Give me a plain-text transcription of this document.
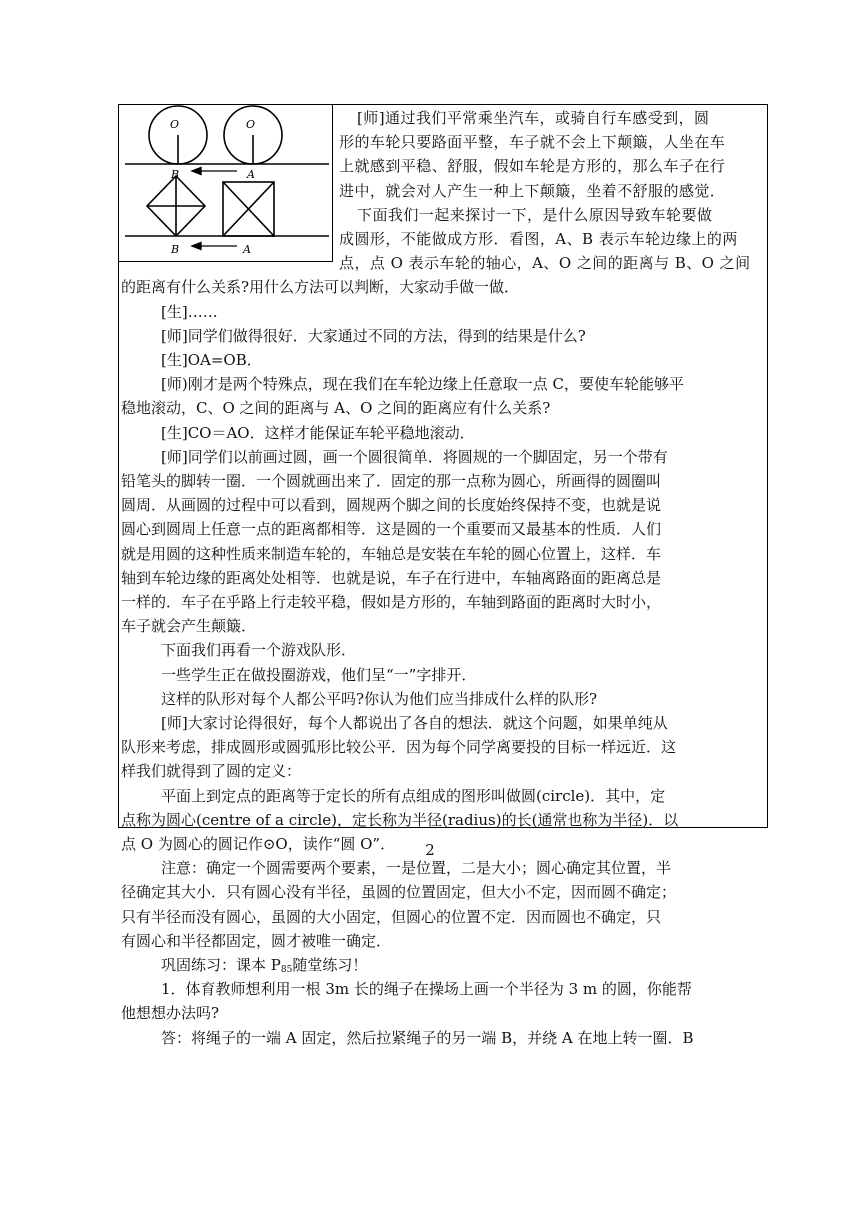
O	O
B	A
B	A
[师]通过我们平常乘坐汽车，或骑自行车感受到，圆
形的车轮只要路面平整，车子就不会上下颠簸，人坐在车
上就感到平稳、舒服，假如车轮是方形的，那么车子在行
进中，就会对人产生一种上下颠簸，坐着不舒服的感觉．
下面我们一起来探讨一下，是什么原因导致车轮要做
成圆形，不能做成方形．看图，A、B 表示车轮边缘上的两
点，点 O 表示车轮的轴心，A、O 之间的距离与 B、O 之间
的距离有什么关系?用什么方法可以判断，大家动手做一做．
[生]……
[师]同学们做得很好．大家通过不同的方法，得到的结果是什么?
[生]OA=OB．
[师)刚才是两个特殊点，现在我们在车轮边缘上任意取一点 C，要使车轮能够平
稳地滚动，C、O 之间的距离与 A、O 之间的距离应有什么关系?
[生]CO＝AO．这样才能保证车轮平稳地滚动．
[师]同学们以前画过圆，画一个圆很简单．将圆规的一个脚固定，另一个带有
铅笔头的脚转一圈．一个圆就画出来了．固定的那一点称为圆心，所画得的圆圈叫
圆周．从画圆的过程中可以看到，圆规两个脚之间的长度始终保持不变，也就是说
圆心到圆周上任意一点的距离都相等．这是圆的一个重要而又最基本的性质．人们
就是用圆的这种性质来制造车轮的，车轴总是安装在车轮的圆心位置上，这样．车
轴到车轮边缘的距离处处相等．也就是说，车子在行进中，车轴离路面的距离总是
一样的．车子在乎路上行走较平稳，假如是方形的，车轴到路面的距离时大时小，
车子就会产生颠簸．
下面我们再看一个游戏队形．
一些学生正在做投圈游戏，他们呈“一”字排开．
这样的队形对每个人都公平吗?你认为他们应当排成什么样的队形?
[师]大家讨论得很好，每个人都说出了各自的想法．就这个问题，如果单纯从
队形来考虑，排成圆形或圆弧形比较公平．因为每个同学离要投的目标一样远近．这
样我们就得到了圆的定义：
平面上到定点的距离等于定长的所有点组成的图形叫做圆(circle)．其中，定
点称为圆心(centre of a circle)，定长称为半径(radius)的长(通常也称为半径)．以
点 O 为圆心的圆记作⊙O，读作“圆 O”．
注意：确定一个圆需要两个要素，一是位置，二是大小；圆心确定其位置，半
径确定其大小．只有圆心没有半径，虽圆的位置固定，但大小不定，因而圆不确定；
只有半径而没有圆心，虽圆的大小固定，但圆心的位置不定．因而圆也不确定，只
有圆心和半径都固定，圆才被唯一确定．
巩固练习：课本 $P_{85}$随堂练习！
1．体育教师想利用一根 3m 长的绳子在操场上画一个半径为 3 m 的圆，你能帮
他想想办法吗?
答：将绳子的一端 A 固定，然后拉紧绳子的另一端 B，并绕 A 在地上转一圈．B
2
